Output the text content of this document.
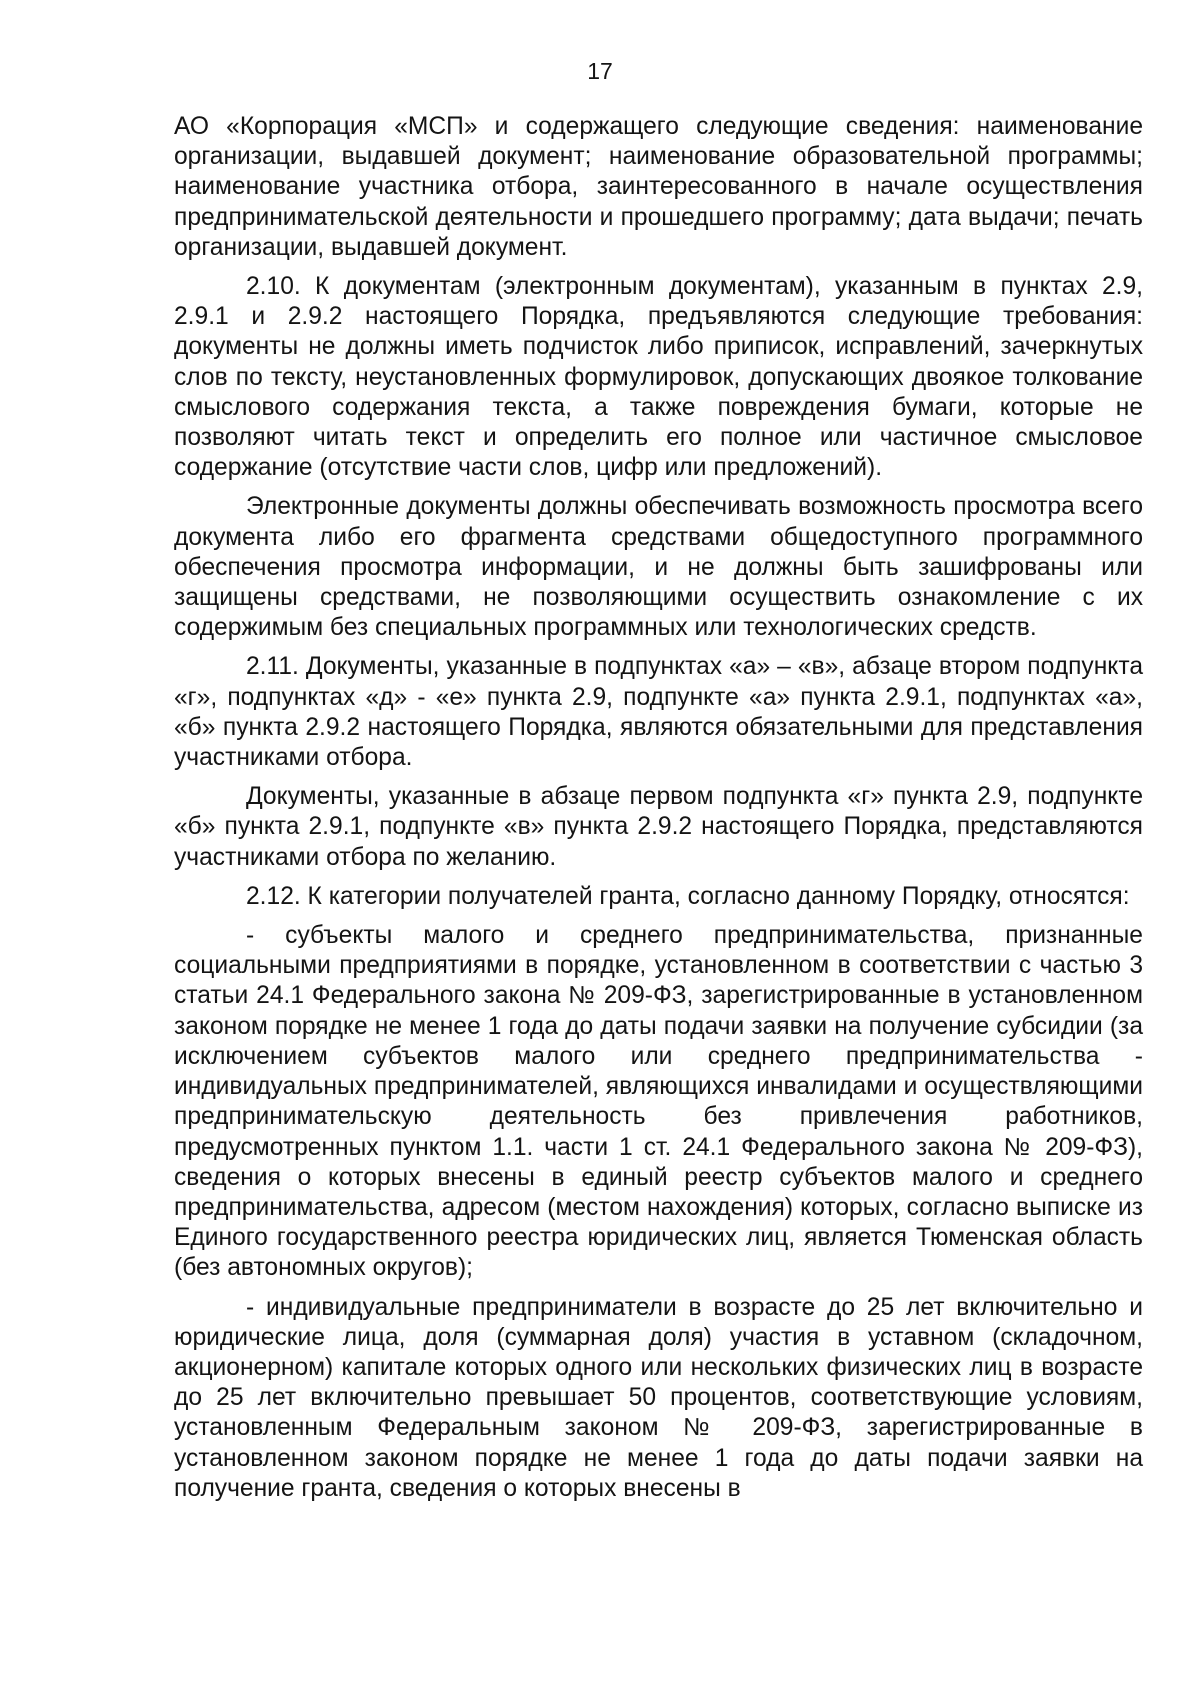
17

АО «Корпорация «МСП» и содержащего следующие сведения: наименование организации, выдавшей документ; наименование образовательной программы; наименование участника отбора, заинтересованного в начале осуществления предпринимательской деятельности и прошедшего программу; дата выдачи; печать организации, выдавшей документ.

2.10. К документам (электронным документам), указанным в пунктах 2.9, 2.9.1 и 2.9.2 настоящего Порядка, предъявляются следующие требования: документы не должны иметь подчисток либо приписок, исправлений, зачеркнутых слов по тексту, неустановленных формулировок, допускающих двоякое толкование смыслового содержания текста, а также повреждения бумаги, которые не позволяют читать текст и определить его полное или частичное смысловое содержание (отсутствие части слов, цифр или предложений).

Электронные документы должны обеспечивать возможность просмотра всего документа либо его фрагмента средствами общедоступного программного обеспечения просмотра информации, и не должны быть зашифрованы или защищены средствами, не позволяющими осуществить ознакомление с их содержимым без специальных программных или технологических средств.

2.11. Документы, указанные в подпунктах «а» – «в», абзаце втором подпункта «г», подпунктах «д» - «е» пункта 2.9, подпункте «а» пункта 2.9.1, подпунктах «а», «б» пункта 2.9.2 настоящего Порядка, являются обязательными для представления участниками отбора.

Документы, указанные в абзаце первом подпункта «г» пункта 2.9, подпункте «б» пункта 2.9.1, подпункте «в» пункта 2.9.2 настоящего Порядка, представляются участниками отбора по желанию.

2.12. К категории получателей гранта, согласно данному Порядку, относятся:

- субъекты малого и среднего предпринимательства, признанные социальными предприятиями в порядке, установленном в соответствии с частью 3 статьи 24.1 Федерального закона № 209-ФЗ, зарегистрированные в установленном законом порядке не менее 1 года до даты подачи заявки на получение субсидии (за исключением субъектов малого или среднего предпринимательства - индивидуальных предпринимателей, являющихся инвалидами и осуществляющими предпринимательскую деятельность без привлечения работников, предусмотренных пунктом 1.1. части 1 ст. 24.1 Федерального закона № 209-ФЗ), сведения о которых внесены в единый реестр субъектов малого и среднего предпринимательства, адресом (местом нахождения) которых, согласно выписке из Единого государственного реестра юридических лиц, является Тюменская область (без автономных округов);

- индивидуальные предприниматели в возрасте до 25 лет включительно и юридические лица, доля (суммарная доля) участия в уставном (складочном, акционерном) капитале которых одного или нескольких физических лиц в возрасте до 25 лет включительно превышает 50 процентов, соответствующие условиям, установленным Федеральным законом № 209-ФЗ, зарегистрированные в установленном законом порядке не менее 1 года до даты подачи заявки на получение гранта, сведения о которых внесены в
